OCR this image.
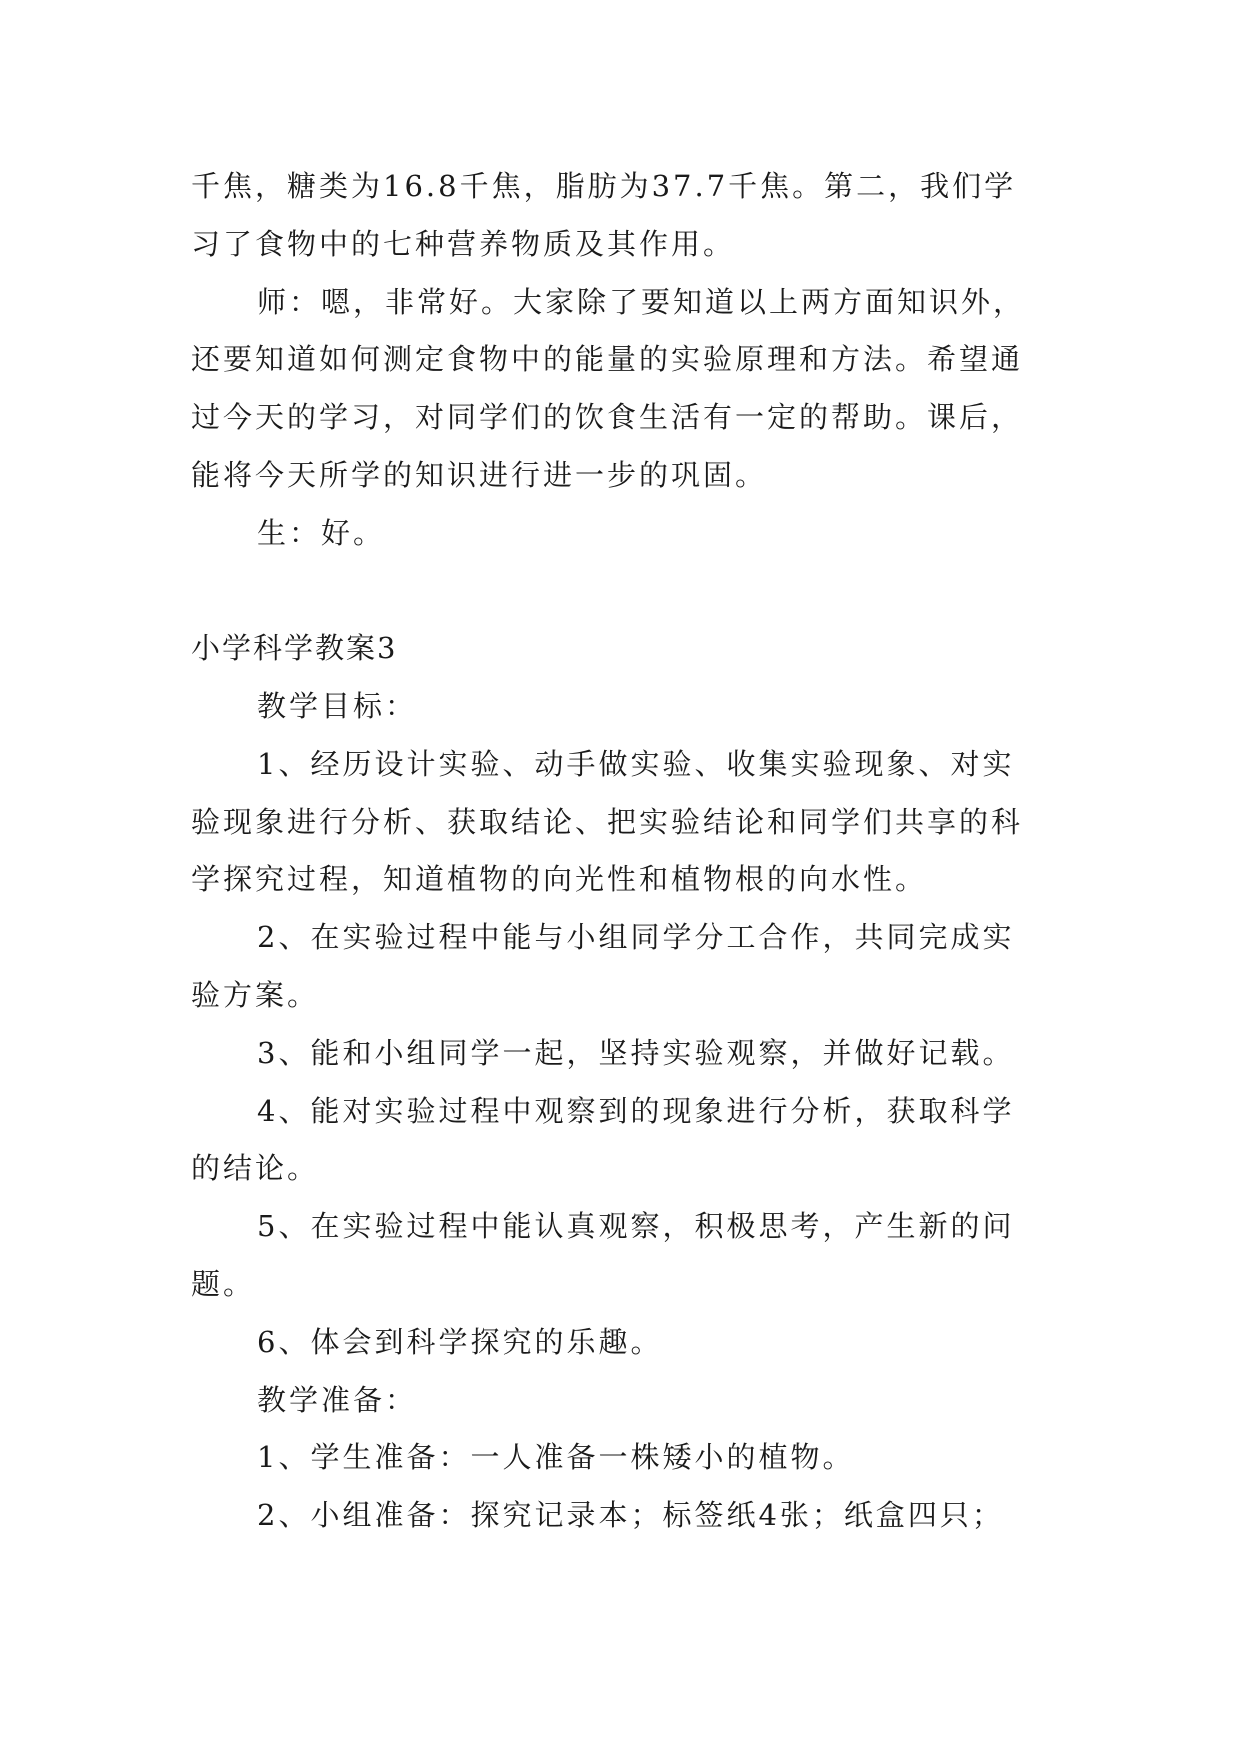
千焦，糖类为16.8千焦，脂肪为37.7千焦。第二，我们学
习了食物中的七种营养物质及其作用。
师：嗯，非常好。大家除了要知道以上两方面知识外，
还要知道如何测定食物中的能量的实验原理和方法。希望通
过今天的学习，对同学们的饮食生活有一定的帮助。课后，
能将今天所学的知识进行进一步的巩固。
生：好。
小学科学教案3
教学目标：
1、经历设计实验、动手做实验、收集实验现象、对实
验现象进行分析、获取结论、把实验结论和同学们共享的科
学探究过程，知道植物的向光性和植物根的向水性。
2、在实验过程中能与小组同学分工合作，共同完成实
验方案。
3、能和小组同学一起，坚持实验观察，并做好记载。
4、能对实验过程中观察到的现象进行分析，获取科学
的结论。
5、在实验过程中能认真观察，积极思考，产生新的问
题。
6、体会到科学探究的乐趣。
教学准备：
1、学生准备：一人准备一株矮小的植物。
2、小组准备：探究记录本；标签纸4张；纸盒四只；
